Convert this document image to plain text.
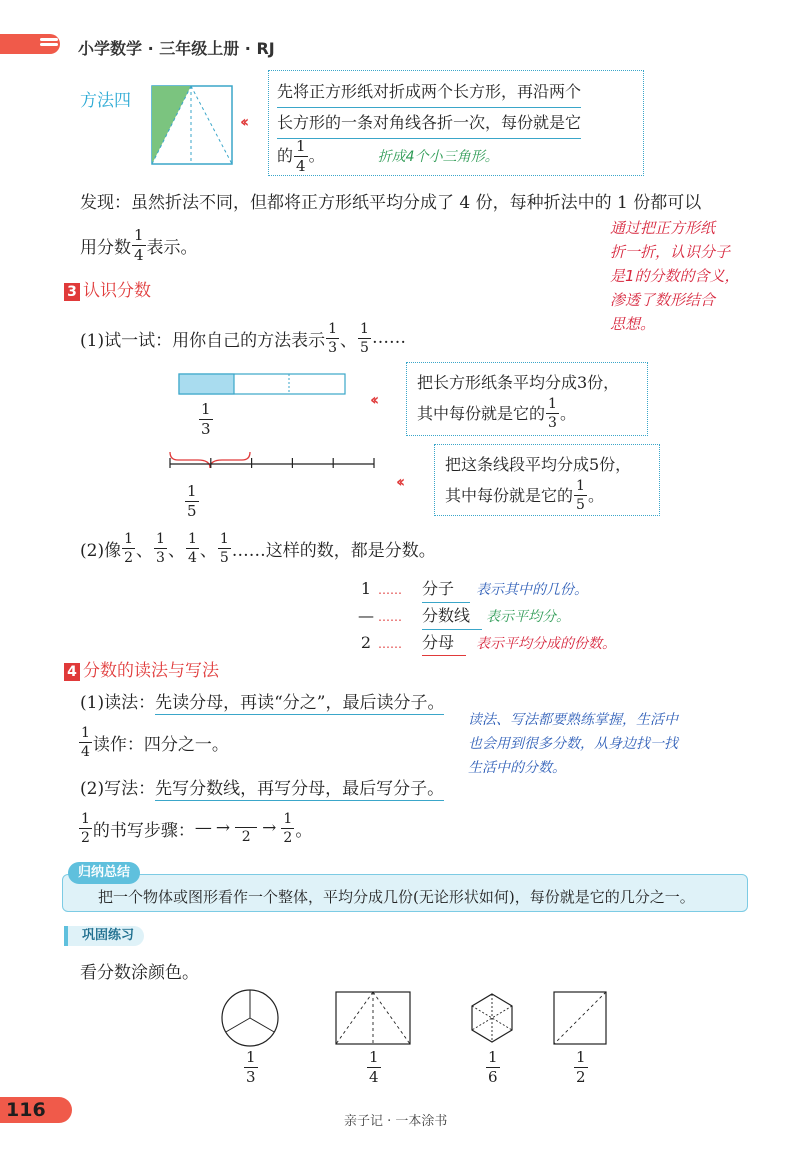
小学数学 · 三年级上册 · RJ
方法四
‹‹
先将正方形纸对折成两个长方形，再沿两个
长方形的一条对角线各折一次，每份就是它
的 $\frac{1}{4}$ 。	折成4个小三角形。
发现：虽然折法不同，但都将正方形纸平均分成了 4 份，每种折法中的 1 份都可以
用分数 $\frac{1}{4}$ 表示。
通过把正方形纸
折一折，认识分子
是1的分数的含义，
渗透了数形结合
思想。
3 认识分数
(1)试一试：用你自己的方法表示 $\frac{1}{3}$ 、 $\frac{1}{5}$ ……
$\frac{1}{3}$
‹‹
把长方形纸条平均分成3份，
其中每份就是它的 $\frac{1}{3}$ 。
$\frac{1}{5}$
‹‹
把这条线段平均分成5份，
其中每份就是它的 $\frac{1}{5}$ 。
(2)像 $\frac{1}{2}$ 、 $\frac{1}{3}$ 、 $\frac{1}{4}$ 、 $\frac{1}{5}$ ……这样的数，都是分数。
1 ……	分子	表示其中的几份。
— ……	分数线	表示平均分。
2 ……	分母	表示平均分成的份数。
4 分数的读法与写法
(1)读法：先读分母，再读“分之”，最后读分子。
$\frac{1}{4}$ 读作：四分之一。
(2)写法：先写分数线，再写分母，最后写分子。
$\frac{1}{2}$ 的书写步骤： — → $2 \to \frac{1}{2}$ 。
读法、写法都要熟练掌握，生活中
也会用到很多分数，从身边找一找
生活中的分数。
归纳总结
把一个物体或图形看作一个整体，平均分成几份(无论形状如何)，每份就是它的几分之一。
巩固练习
看分数涂颜色。
$\frac{1}{3}$	$\frac{1}{4}$	$\frac{1}{6}$	$\frac{1}{2}$
116
亲子记 · 一本涂书
